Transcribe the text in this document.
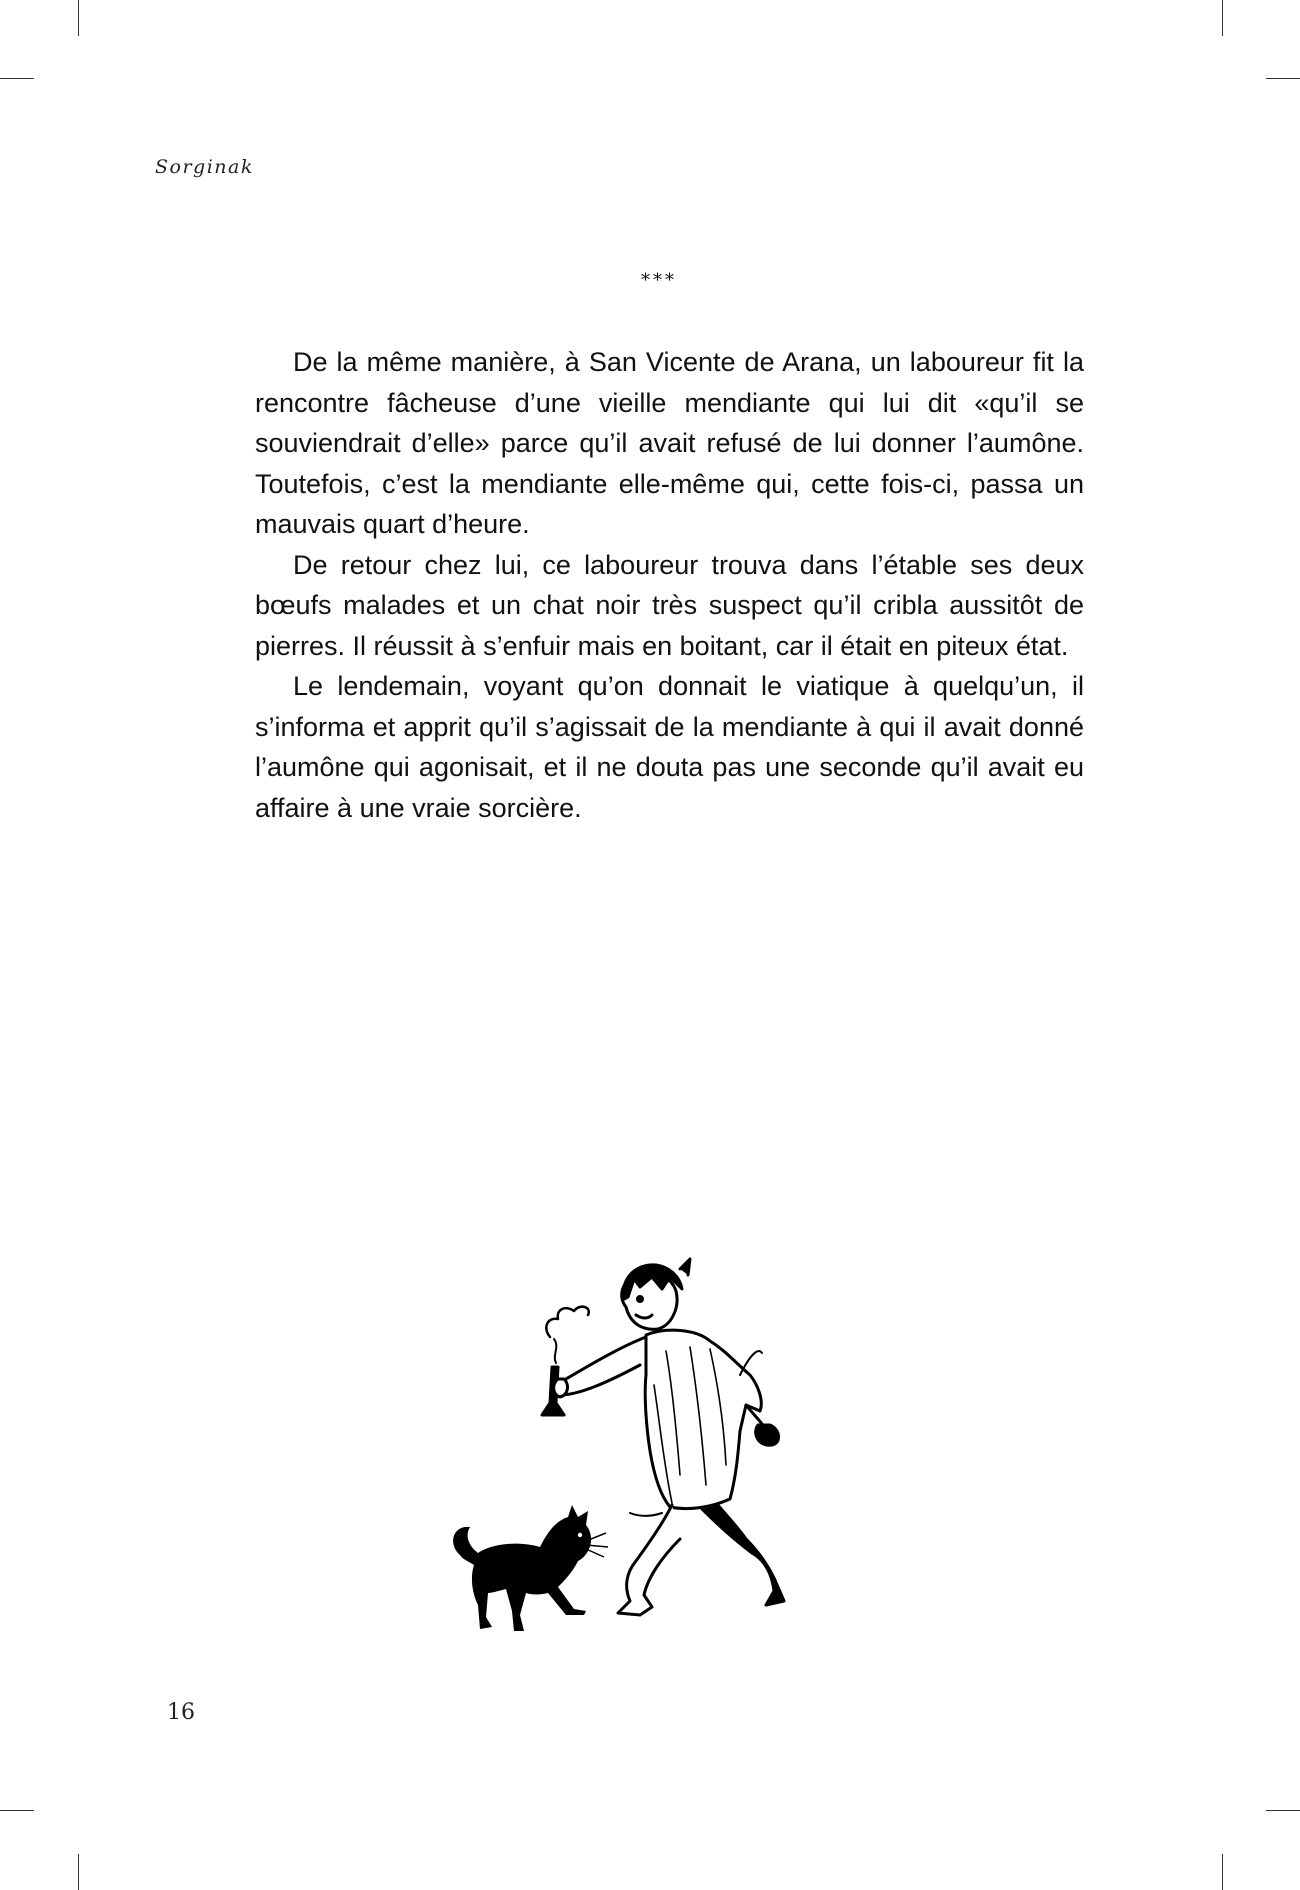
Sorginak
***

De la même manière, à San Vicente de Arana, un laboureur fit la rencontre fâcheuse d’une vieille mendiante qui lui dit «qu’il se souviendrait d’elle» parce qu’il avait refusé de lui donner l’aumône. Toutefois, c’est la mendiante elle-même qui, cette fois-ci, passa un mauvais quart d’heure.

De retour chez lui, ce laboureur trouva dans l’étable ses deux bœufs malades et un chat noir très suspect qu’il cribla aussitôt de pierres. Il réussit à s’enfuir mais en boitant, car il était en piteux état.

Le lendemain, voyant qu’on donnait le viatique à quelqu’un, il s’informa et apprit qu’il s’agissait de la mendiante à qui il avait donné l’aumône qui agonisait, et il ne douta pas une seconde qu’il avait eu affaire à une vraie sorcière.

16
